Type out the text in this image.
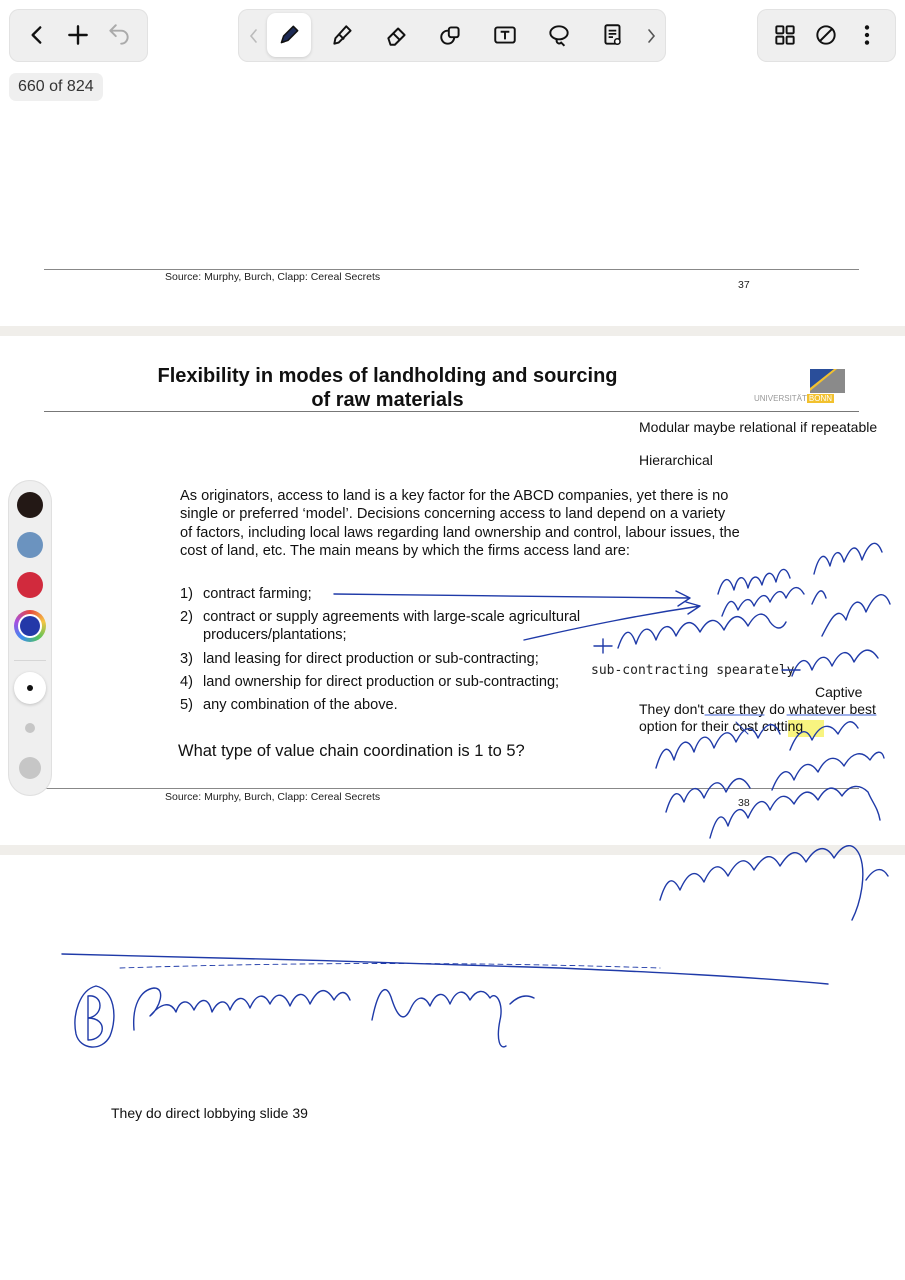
660 of 824
Source: Murphy, Burch, Clapp: Cereal Secrets
37
Flexibility in modes of landholding and sourcing
of raw materials	UNIVERSITÄT BONN
Modular maybe relational if repeatable
Hierarchical
As originators, access to land is a key factor for the ABCD companies, yet there is no single or preferred ‘model’. Decisions concerning access to land depend on a variety of factors, including local laws regarding land ownership and control, labour issues, the cost of land, etc. The main means by which the firms access land are:
1) contract farming;
2) contract or supply agreements with large-scale agricultural
producers/plantations;
3) land leasing for direct production or sub-contracting;
4) land ownership for direct production or sub-contracting;
5) any combination of the above.
sub-contracting spearately
Captive
They don't care they do whatever best
option for their cost cutting
What type of value chain coordination is 1 to 5?
Source: Murphy, Burch, Clapp: Cereal Secrets	38
They do direct lobbying slide 39
